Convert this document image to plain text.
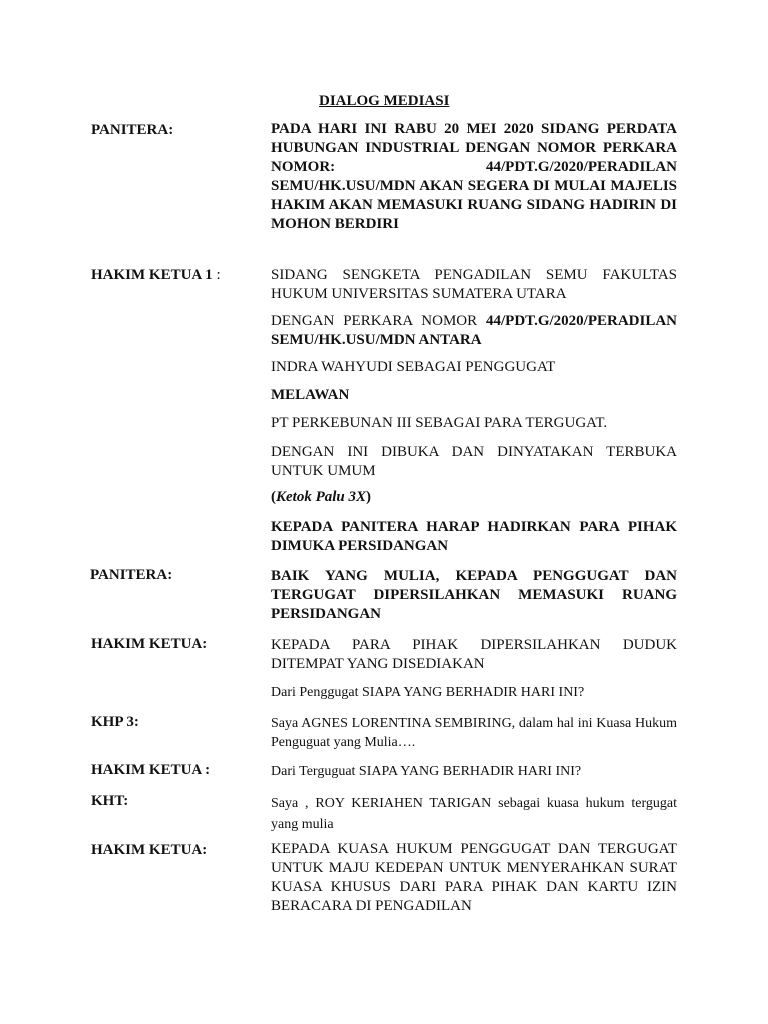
DIALOG MEDIASI
PANITERA:	PADA HARI INI RABU 20 MEI 2020 SIDANG PERDATA HUBUNGAN INDUSTRIAL DENGAN NOMOR PERKARA NOMOR: 44/PDT.G/2020/PERADILAN SEMU/HK.USU/MDN AKAN SEGERA DI MULAI MAJELIS HAKIM AKAN MEMASUKI RUANG SIDANG HADIRIN DI MOHON BERDIRI
HAKIM KETUA 1 :	SIDANG SENGKETA PENGADILAN SEMU FAKULTAS HUKUM UNIVERSITAS SUMATERA UTARA
DENGAN PERKARA NOMOR 44/PDT.G/2020/PERADILAN SEMU/HK.USU/MDN ANTARA
INDRA WAHYUDI SEBAGAI PENGGUGAT
MELAWAN
PT PERKEBUNAN III SEBAGAI PARA TERGUGAT.
DENGAN INI DIBUKA DAN DINYATAKAN TERBUKA UNTUK UMUM
(Ketok Palu 3X)
KEPADA PANITERA HARAP HADIRKAN PARA PIHAK DIMUKA PERSIDANGAN
PANITERA:	BAIK YANG MULIA, KEPADA PENGGUGAT DAN TERGUGAT DIPERSILAHKAN MEMASUKI RUANG PERSIDANGAN
HAKIM KETUA:	KEPADA PARA PIHAK DIPERSILAHKAN DUDUK DITEMPAT YANG DISEDIAKAN
Dari Penggugat SIAPA YANG BERHADIR HARI INI?
KHP 3:	Saya AGNES LORENTINA SEMBIRING, dalam hal ini Kuasa Hukum Penguguat yang Mulia….
HAKIM KETUA :	Dari Terguguat SIAPA YANG BERHADIR HARI INI?
KHT:	Saya , ROY KERIAHEN TARIGAN sebagai kuasa hukum tergugat yang mulia
HAKIM KETUA:	KEPADA KUASA HUKUM PENGGUGAT DAN TERGUGAT UNTUK MAJU KEDEPAN UNTUK MENYERAHKAN SURAT KUASA KHUSUS DARI PARA PIHAK DAN KARTU IZIN BERACARA DI PENGADILAN
